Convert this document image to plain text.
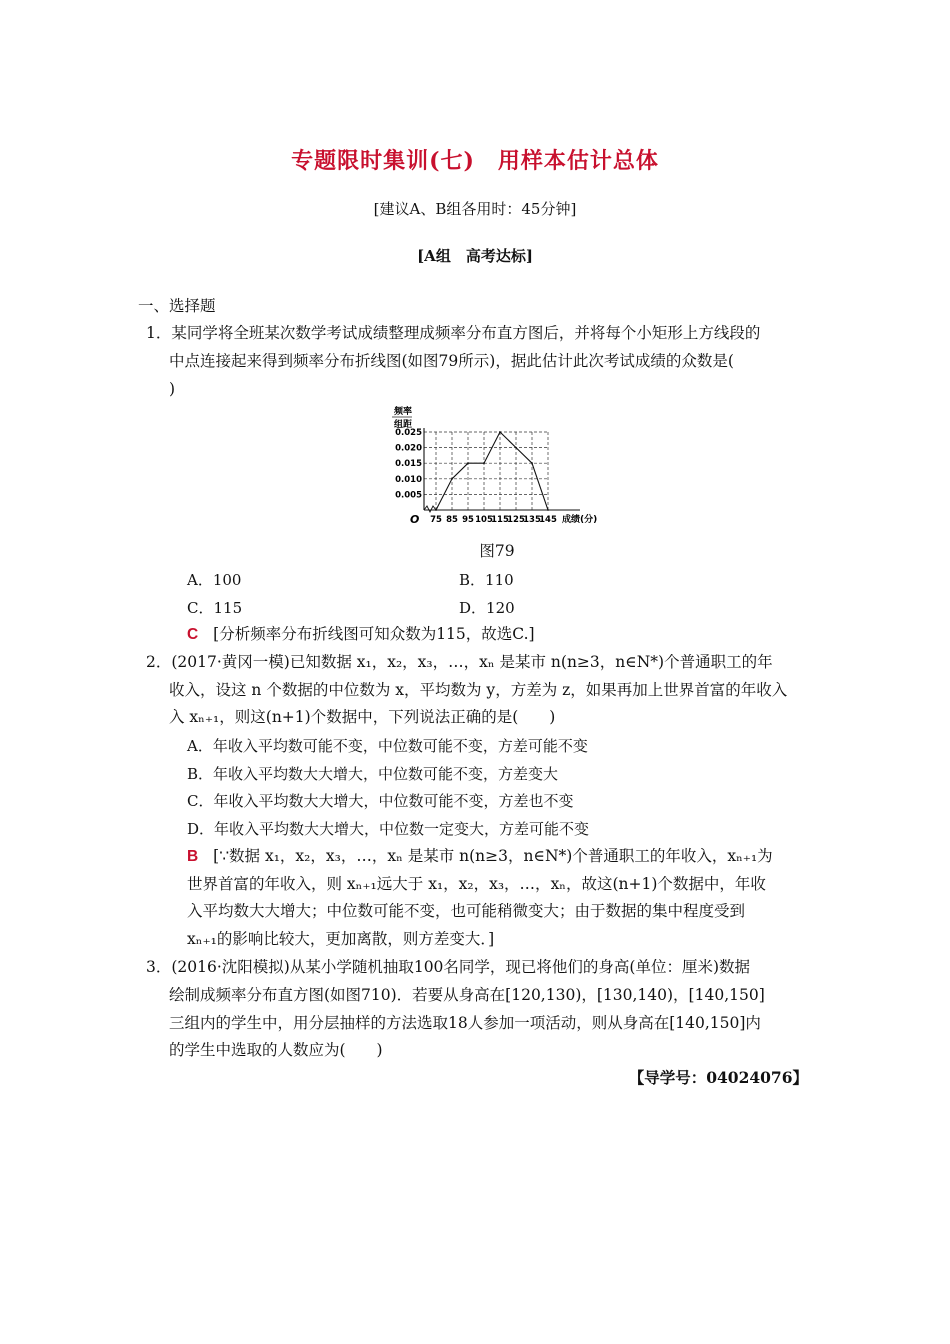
专题限时集训(七)　用样本估计总体
[建议A、B组各用时：45分钟]
[A组　高考达标]
一、选择题
1．某同学将全班某次数学考试成绩整理成频率分布直方图后，并将每个小矩形上方线段的
中点连接起来得到频率分布折线图(如图79所示)，据此估计此次考试成绩的众数是(
)
频率
组距
0.025
0.020
0.015
0.010
0.005
75 85 95 105
115
125
135
145
O	成绩(分)
图79
A．100	B．110
C．115	D．120
C [分析频率分布折线图可知众数为115，故选C.]
2．(2017·黄冈一模)已知数据 x₁，x₂，x₃，…，xₙ 是某市 n(n≥3，n∈N*)个普通职工的年
收入，设这 n 个数据的中位数为 x，平均数为 y，方差为 z，如果再加上世界首富的年收入
入 xₙ₊₁，则这(n+1)个数据中，下列说法正确的是(　　)
A．年收入平均数可能不变，中位数可能不变，方差可能不变
B．年收入平均数大大增大，中位数可能不变，方差变大
C．年收入平均数大大增大，中位数可能不变，方差也不变
D．年收入平均数大大增大，中位数一定变大，方差可能不变
B [∵数据 x₁，x₂，x₃，…，xₙ 是某市 n(n≥3，n∈N*)个普通职工的年收入，xₙ₊₁为
世界首富的年收入，则 xₙ₊₁远大于 x₁，x₂，x₃，…，xₙ，故这(n+1)个数据中，年收
入平均数大大增大；中位数可能不变，也可能稍微变大；由于数据的集中程度受到
xₙ₊₁的影响比较大，更加离散，则方差变大．]
3．(2016·沈阳模拟)从某小学随机抽取100名同学，现已将他们的身高(单位：厘米)数据
绘制成频率分布直方图(如图710)．若要从身高在[120,130)，[130,140)，[140,150]
三组内的学生中，用分层抽样的方法选取18人参加一项活动，则从身高在[140,150]内
的学生中选取的人数应为(　　)
【导学号：04024076】
